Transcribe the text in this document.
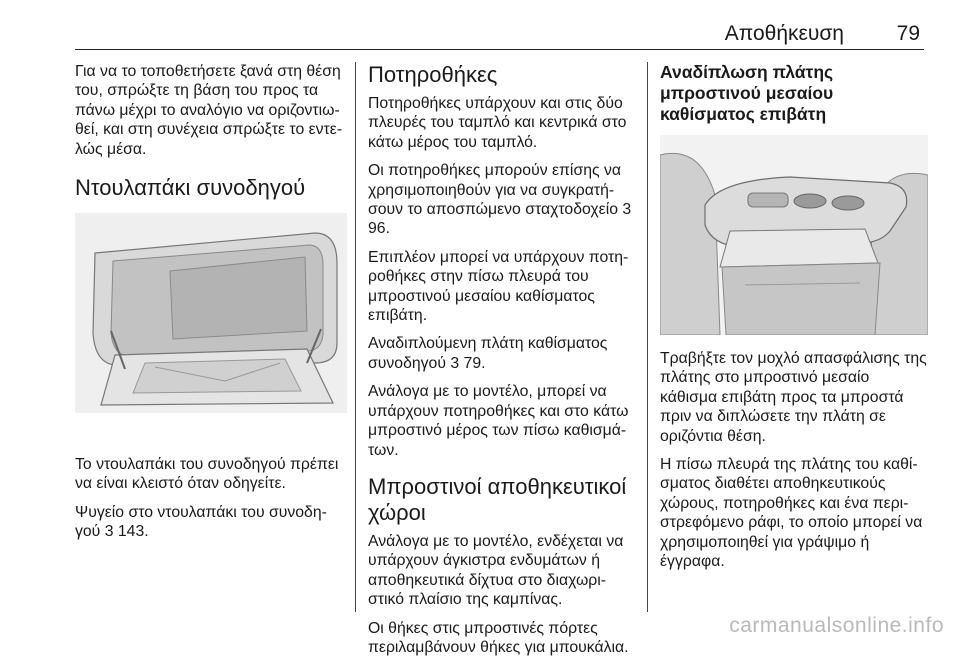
Αποθήκευση	79

Για να το τοποθετήσετε ξανά στη θέση του, σπρώξτε τη βάση του προς τα πάνω μέχρι το αναλόγιο να οριζοντιω‐θεί, και στη συνέχεια σπρώξτε το εντε‐λώς μέσα.

Ντουλαπάκι συνοδηγού

Το ντουλαπάκι του συνοδηγού πρέπει να είναι κλειστό όταν οδηγείτε.

Ψυγείο στο ντουλαπάκι του συνοδη‐γού 3 143.

Ποτηροθήκες

Ποτηροθήκες υπάρχουν και στις δύο πλευρές του ταμπλό και κεντρικά στο κάτω μέρος του ταμπλό.

Οι ποτηροθήκες μπορούν επίσης να χρησιμοποιηθούν για να συγκρατή‐σουν το αποσπώμενο σταχτοδοχείο 3 96.

Επιπλέον μπορεί να υπάρχουν ποτη‐ροθήκες στην πίσω πλευρά του μπροστινού μεσαίου καθίσματος επιβάτη.

Αναδιπλούμενη πλάτη καθίσματος συνοδηγού 3 79.

Ανάλογα με το μοντέλο, μπορεί να υπάρχουν ποτηροθήκες και στο κάτω μπροστινό μέρος των πίσω καθισμά‐των.

Μπροστινοί αποθηκευτικοί χώροι

Ανάλογα με το μοντέλο, ενδέχεται να υπάρχουν άγκιστρα ενδυμάτων ή αποθηκευτικά δίχτυα στο διαχωρι‐στικό πλαίσιο της καμπίνας.

Οι θήκες στις μπροστινές πόρτες περιλαμβάνουν θήκες για μπουκάλια.

Αναδίπλωση πλάτης μπροστινού μεσαίου καθίσματος επιβάτη

Τραβήξτε τον μοχλό απασφάλισης της πλάτης στο μπροστινό μεσαίο κάθισμα επιβάτη προς τα μπροστά πριν να διπλώσετε την πλάτη σε οριζόντια θέση.

Η πίσω πλευρά της πλάτης του καθί‐σματος διαθέτει αποθηκευτικούς χώρους, ποτηροθήκες και ένα περι‐στρεφόμενο ράφι, το οποίο μπορεί να χρησιμοποιηθεί για γράψιμο ή έγγραφα.

carmanualsonline.info
